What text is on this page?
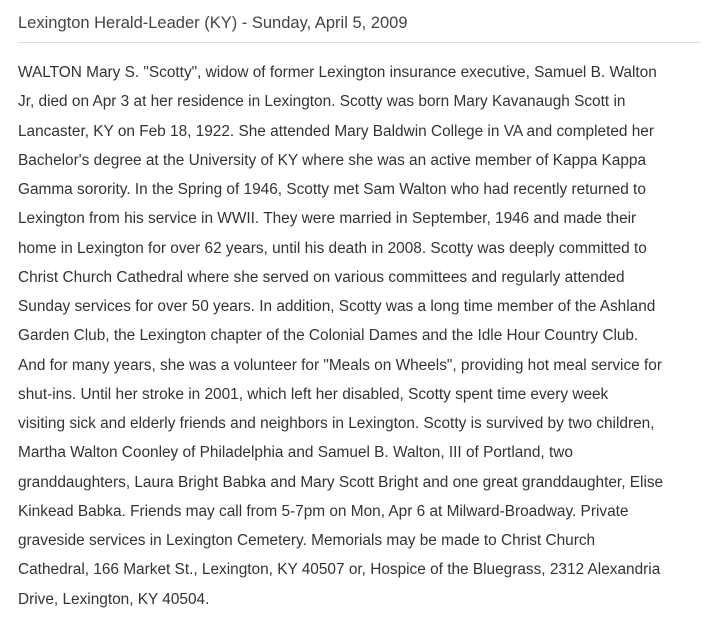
Lexington Herald-Leader (KY) - Sunday, April 5, 2009

WALTON Mary S. "Scotty", widow of former Lexington insurance executive, Samuel B. Walton
Jr, died on Apr 3 at her residence in Lexington. Scotty was born Mary Kavanaugh Scott in
Lancaster, KY on Feb 18, 1922. She attended Mary Baldwin College in VA and completed her
Bachelor's degree at the University of KY where she was an active member of Kappa Kappa
Gamma sorority. In the Spring of 1946, Scotty met Sam Walton who had recently returned to
Lexington from his service in WWII. They were married in September, 1946 and made their
home in Lexington for over 62 years, until his death in 2008. Scotty was deeply committed to
Christ Church Cathedral where she served on various committees and regularly attended
Sunday services for over 50 years. In addition, Scotty was a long time member of the Ashland
Garden Club, the Lexington chapter of the Colonial Dames and the Idle Hour Country Club.
And for many years, she was a volunteer for "Meals on Wheels", providing hot meal service for
shut-ins. Until her stroke in 2001, which left her disabled, Scotty spent time every week
visiting sick and elderly friends and neighbors in Lexington. Scotty is survived by two children,
Martha Walton Coonley of Philadelphia and Samuel B. Walton, III of Portland, two
granddaughters, Laura Bright Babka and Mary Scott Bright and one great granddaughter, Elise
Kinkead Babka. Friends may call from 5-7pm on Mon, Apr 6 at Milward-Broadway. Private
graveside services in Lexington Cemetery. Memorials may be made to Christ Church
Cathedral, 166 Market St., Lexington, KY 40507 or, Hospice of the Bluegrass, 2312 Alexandria
Drive, Lexington, KY 40504.
